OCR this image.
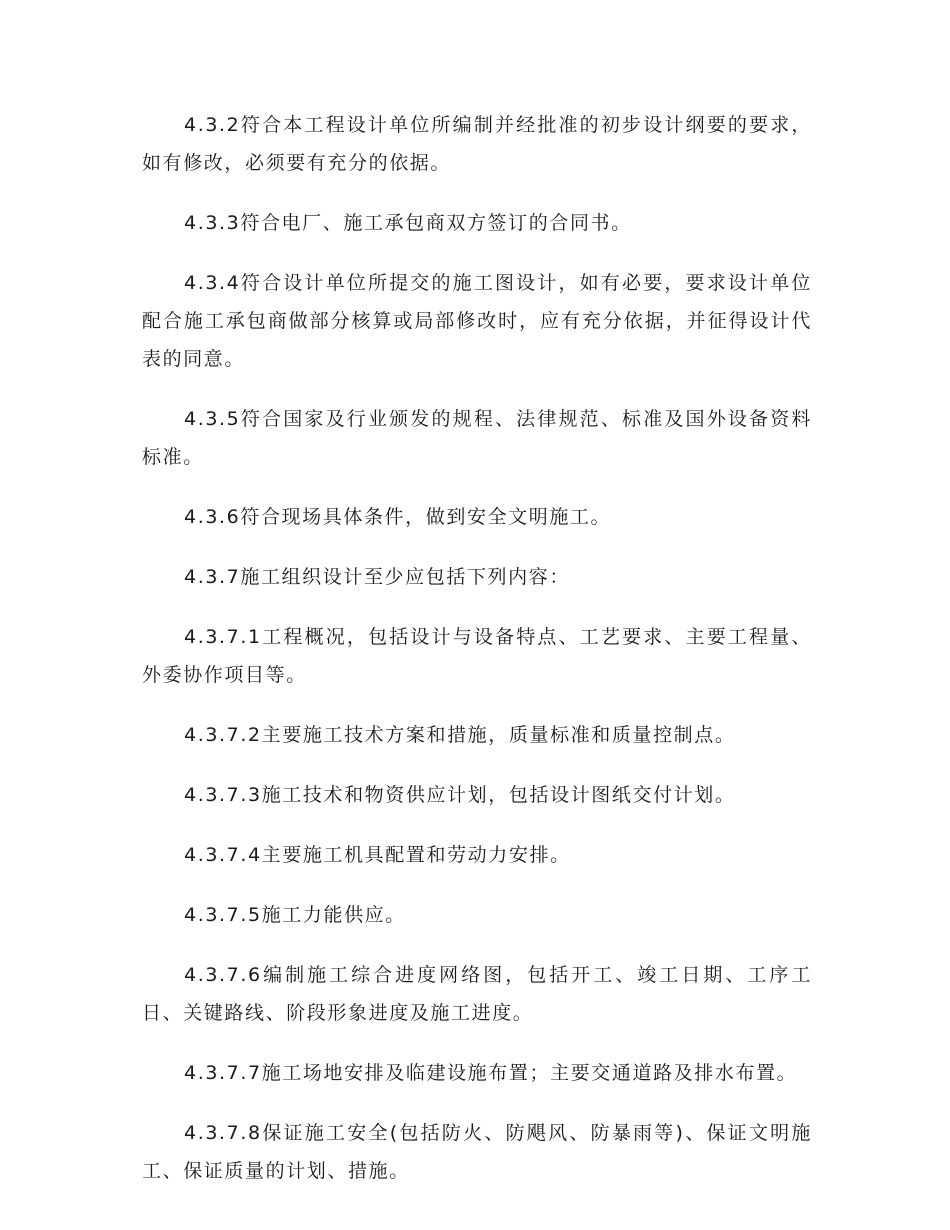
4.3.2符合本工程设计单位所编制并经批准的初步设计纲要的要求，如有修改，必须要有充分的依据。

4.3.3符合电厂、施工承包商双方签订的合同书。

4.3.4符合设计单位所提交的施工图设计，如有必要，要求设计单位配合施工承包商做部分核算或局部修改时，应有充分依据，并征得设计代表的同意。

4.3.5符合国家及行业颁发的规程、法律规范、标准及国外设备资料标准。

4.3.6符合现场具体条件，做到安全文明施工。

4.3.7施工组织设计至少应包括下列内容：

4.3.7.1工程概况，包括设计与设备特点、工艺要求、主要工程量、外委协作项目等。

4.3.7.2主要施工技术方案和措施，质量标准和质量控制点。

4.3.7.3施工技术和物资供应计划，包括设计图纸交付计划。

4.3.7.4主要施工机具配置和劳动力安排。

4.3.7.5施工力能供应。

4.3.7.6编制施工综合进度网络图，包括开工、竣工日期、工序工日、关键路线、阶段形象进度及施工进度。

4.3.7.7施工场地安排及临建设施布置；主要交通道路及排水布置。

4.3.7.8保证施工安全(包括防火、防飓风、防暴雨等)、保证文明施工、保证质量的计划、措施。
